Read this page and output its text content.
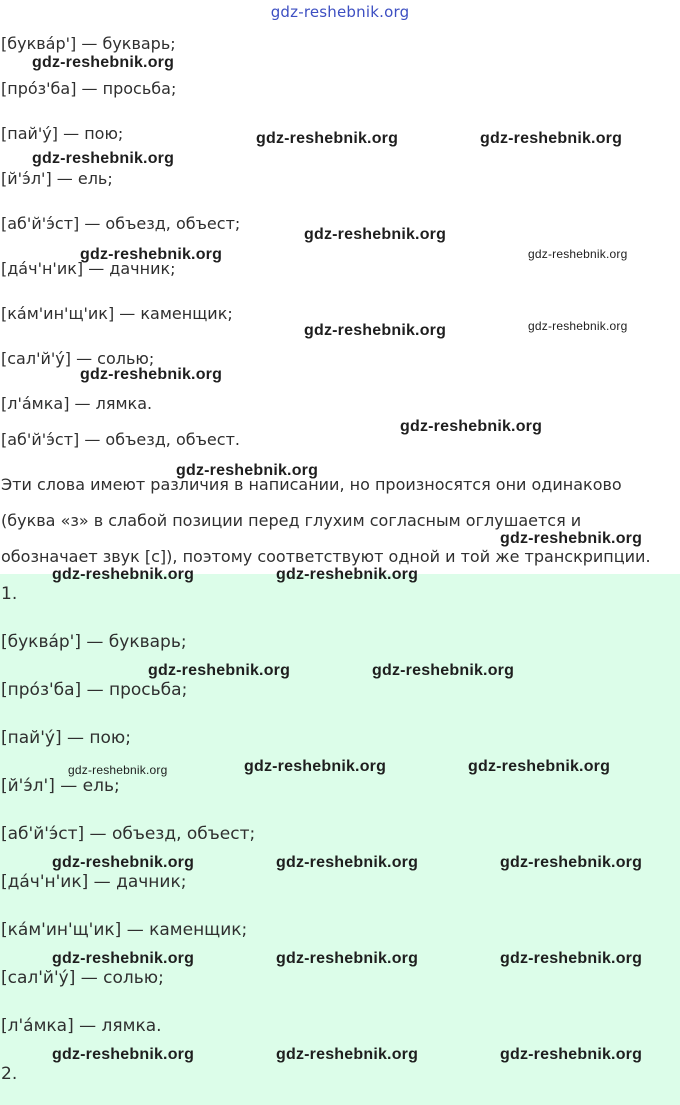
gdz-reshebnik.org
[буква́р'] — букварь;
[про́з'ба] — просьба;
[пай'у́] — пою;
[й'э́л'] — ель;
[аб'й'э́ст] — объезд, объест;
[да́ч'н'ик] — дачник;
[ка́м'ин'щ'ик] — каменщик;
[сал'й'у́] — солью;
[л'а́мка] — лямка.
[аб'й'э́ст] — объезд, объест.
Эти слова имеют различия в написании, но произносятся они одинаково
(буква «з» в слабой позиции перед глухим согласным оглушается и
обозначает звук [с]), поэтому соответствуют одной и той же транскрипции.
1.
[буква́р'] — букварь;
[про́з'ба] — просьба;
[пай'у́] — пою;
[й'э́л'] — ель;
[аб'й'э́ст] — объезд, объест;
[да́ч'н'ик] — дачник;
[ка́м'ин'щ'ик] — каменщик;
[сал'й'у́] — солью;
[л'а́мка] — лямка.
2.
gdz-reshebnik.org
gdz-reshebnik.org	gdz-reshebnik.org
gdz-reshebnik.org
gdz-reshebnik.org
gdz-reshebnik.org	gdz-reshebnik.org
gdz-reshebnik.org	gdz-reshebnik.org
gdz-reshebnik.org
gdz-reshebnik.org
gdz-reshebnik.org
gdz-reshebnik.org
gdz-reshebnik.org	gdz-reshebnik.org
gdz-reshebnik.org	gdz-reshebnik.org
gdz-reshebnik.org	gdz-reshebnik.org	gdz-reshebnik.org
gdz-reshebnik.org	gdz-reshebnik.org	gdz-reshebnik.org
gdz-reshebnik.org	gdz-reshebnik.org	gdz-reshebnik.org
gdz-reshebnik.org	gdz-reshebnik.org	gdz-reshebnik.org
